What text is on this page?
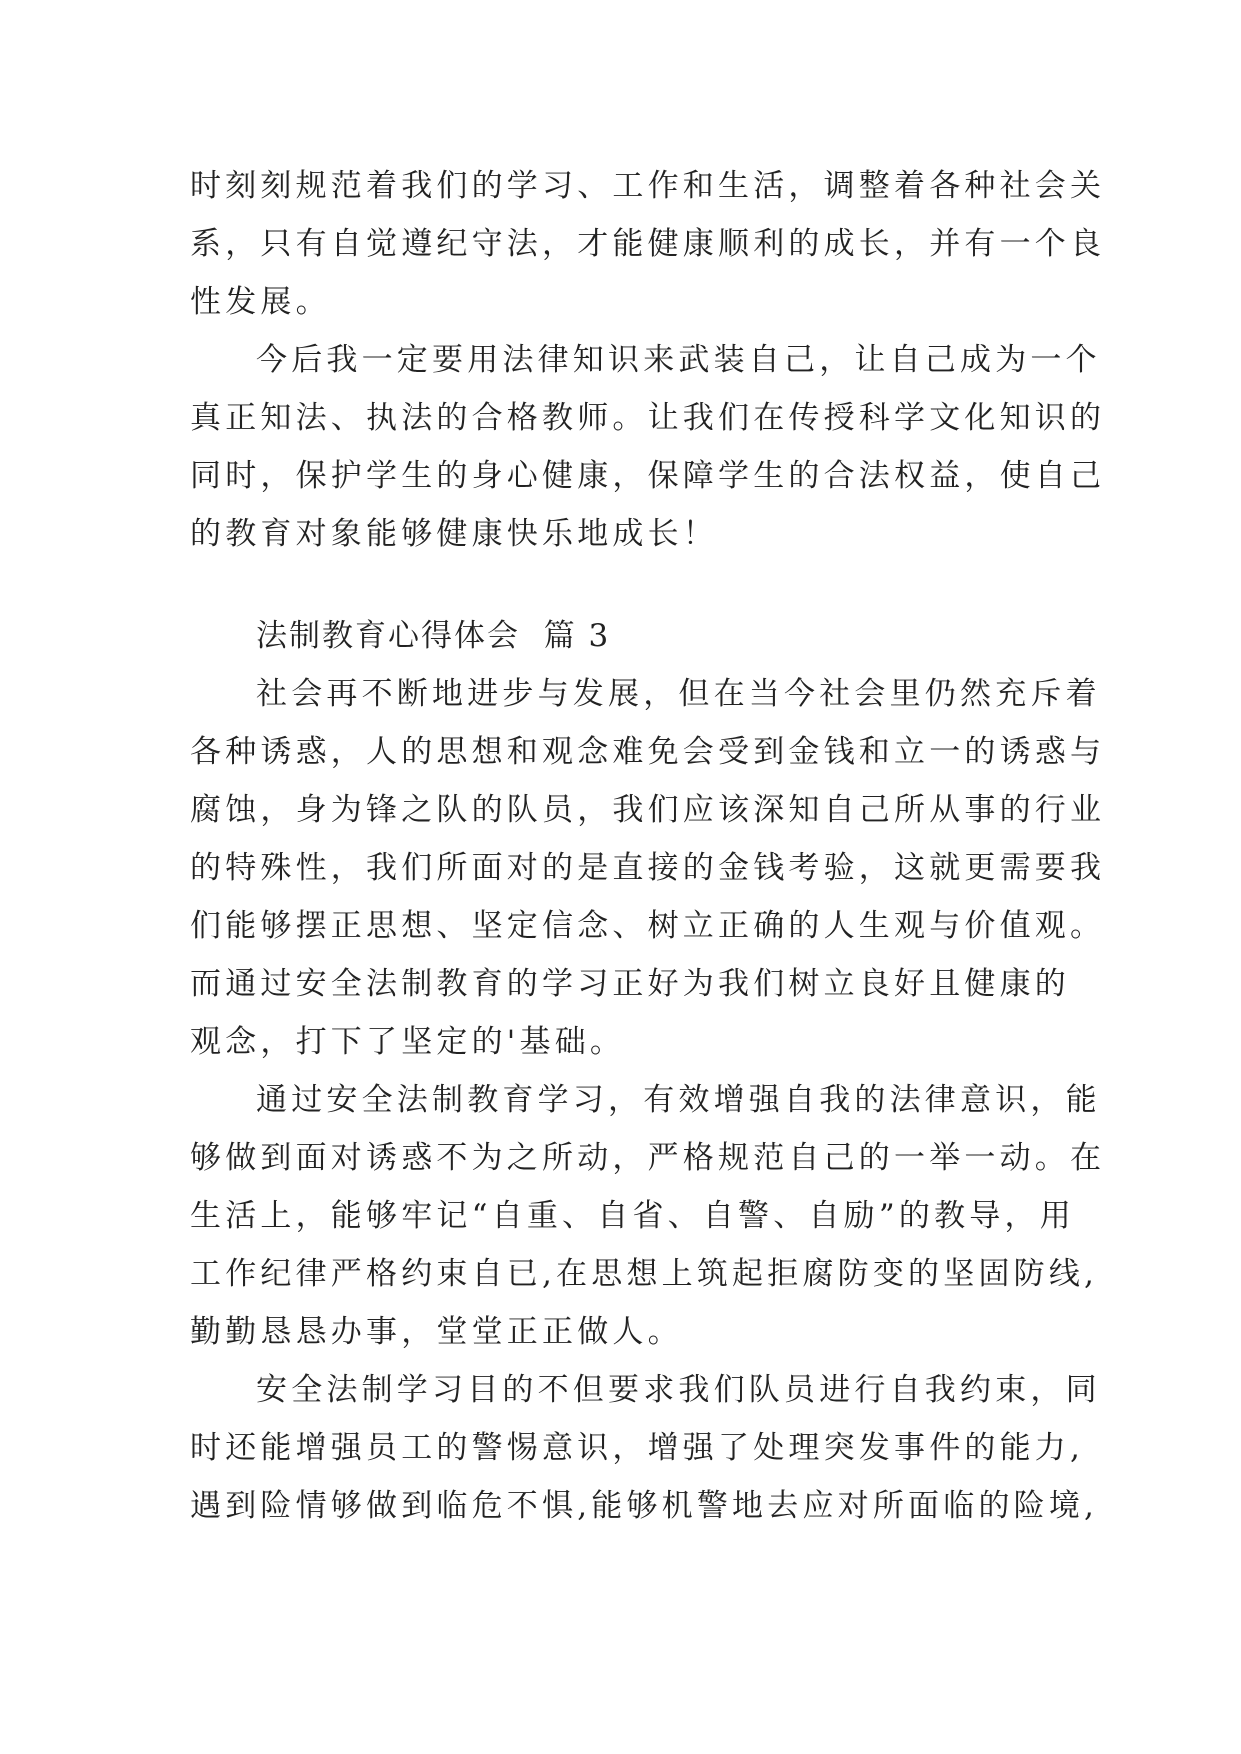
时刻刻规范着我们的学习、工作和生活，调整着各种社会关
系，只有自觉遵纪守法，才能健康顺利的成长，并有一个良
性发展。
今后我一定要用法律知识来武装自己，让自己成为一个
真正知法、执法的合格教师。让我们在传授科学文化知识的
同时，保护学生的身心健康，保障学生的合法权益，使自己
的教育对象能够健康快乐地成长！
法制教育心得体会  篇 3
社会再不断地进步与发展，但在当今社会里仍然充斥着
各种诱惑，人的思想和观念难免会受到金钱和立一的诱惑与
腐蚀，身为锋之队的队员，我们应该深知自己所从事的行业
的特殊性，我们所面对的是直接的金钱考验，这就更需要我
们能够摆正思想、坚定信念、树立正确的人生观与价值观。
而通过安全法制教育的学习正好为我们树立良好且健康的
观念，打下了坚定的'基础。
通过安全法制教育学习，有效增强自我的法律意识，能
够做到面对诱惑不为之所动，严格规范自己的一举一动。在
生活上，能够牢记“自重、自省、自警、自励”的教导，用
工作纪律严格约束自已,在思想上筑起拒腐防变的坚固防线,
勤勤恳恳办事，堂堂正正做人。
安全法制学习目的不但要求我们队员进行自我约束，同
时还能增强员工的警惕意识，增强了处理突发事件的能力,
遇到险情够做到临危不惧,能够机警地去应对所面临的险境,
